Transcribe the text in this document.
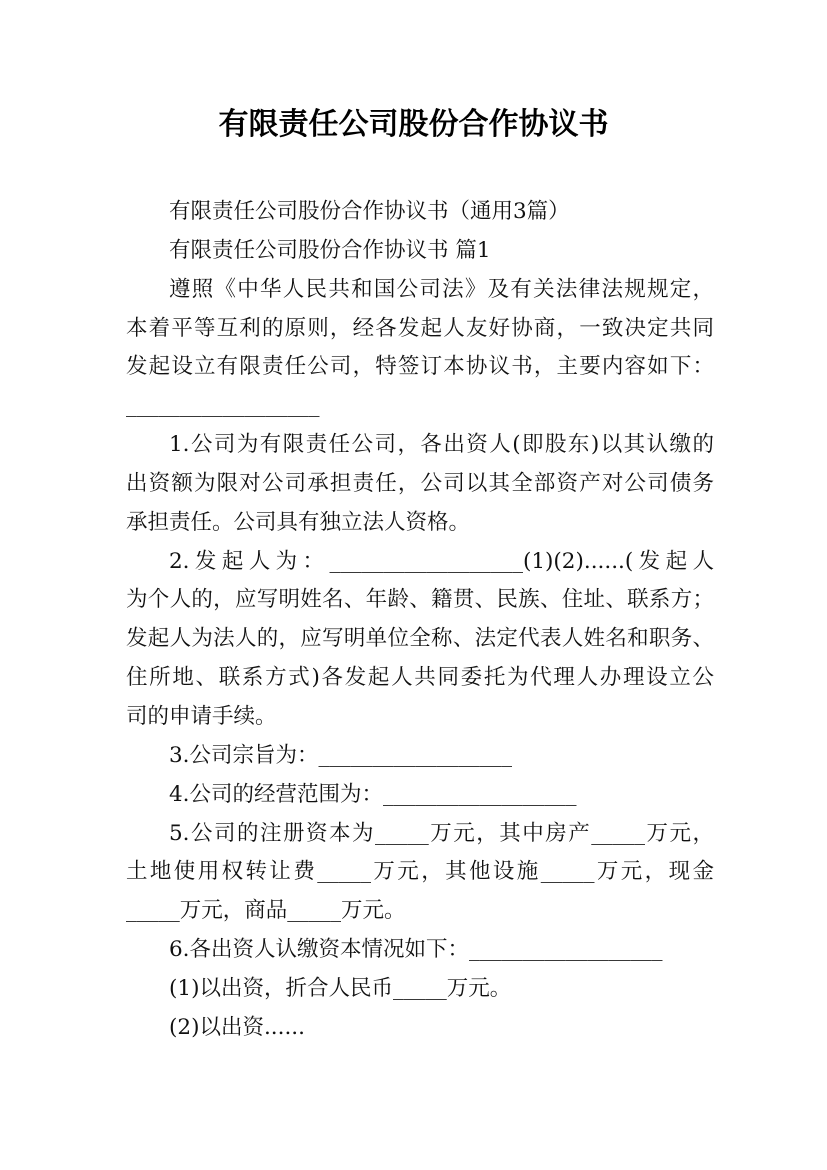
有限责任公司股份合作协议书
有限责任公司股份合作协议书（通用3篇）
有限责任公司股份合作协议书 篇1
遵照《中华人民共和国公司法》及有关法律法规规定，
本着平等互利的原则，经各发起人友好协商，一致决定共同
发起设立有限责任公司，特签订本协议书，主要内容如下：
__________________
1.公司为有限责任公司，各出资人(即股东)以其认缴的
出资额为限对公司承担责任，公司以其全部资产对公司债务
承担责任。公司具有独立法人资格。
2.发起人为：__________________(1)(2)......(发起人
为个人的，应写明姓名、年龄、籍贯、民族、住址、联系方；
发起人为法人的，应写明单位全称、法定代表人姓名和职务、
住所地、联系方式)各发起人共同委托为代理人办理设立公
司的申请手续。
3.公司宗旨为：__________________
4.公司的经营范围为：__________________
5.公司的注册资本为_____万元，其中房产_____万元，
土地使用权转让费_____万元，其他设施_____万元，现金
_____万元，商品_____万元。
6.各出资人认缴资本情况如下：__________________
(1)以出资，折合人民币_____万元。
(2)以出资......
